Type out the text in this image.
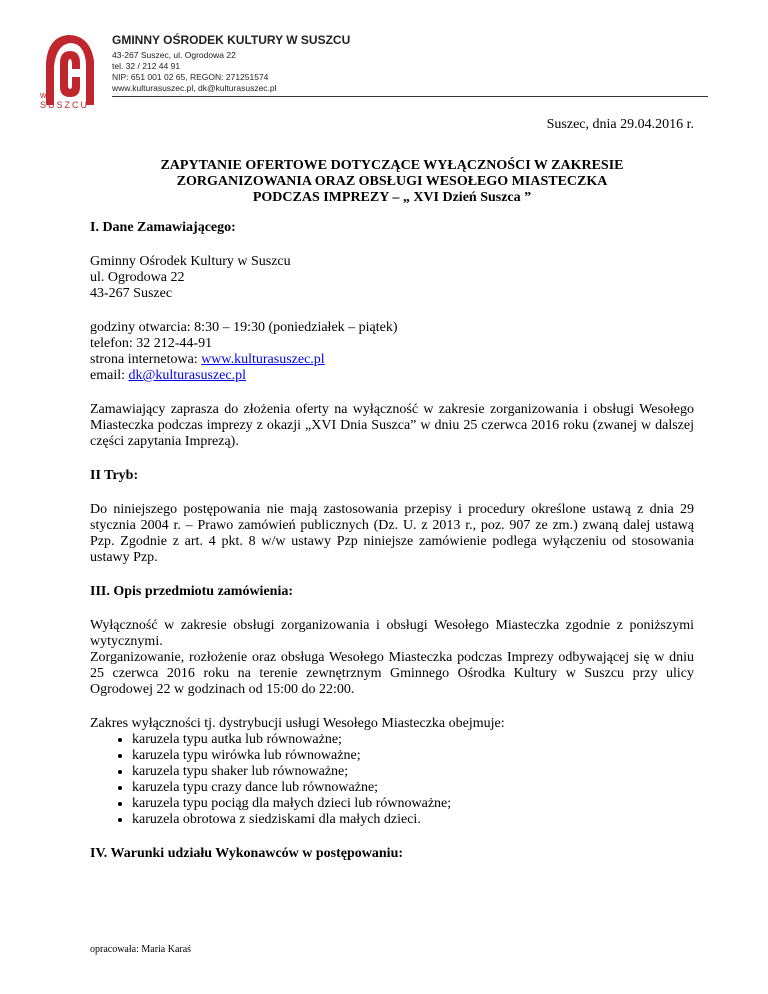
w SUSZCU
GMINNY OŚRODEK KULTURY W SUSZCU
43-267 Suszec, ul. Ogrodowa 22
tel. 32 / 212 44 91
NIP: 651 001 02 65, REGON: 271251574
www.kulturasuszec.pl, dk@kulturasuszec.pl
Suszec, dnia 29.04.2016 r.
ZAPYTANIE OFERTOWE DOTYCZĄCE WYŁĄCZNOŚCI W ZAKRESIE
ZORGANIZOWANIA ORAZ OBSŁUGI WESOŁEGO MIASTECZKA
PODCZAS IMPREZY – „ XVI Dzień Suszca ”
I. Dane Zamawiającego:

Gminny Ośrodek Kultury w Suszcu
ul. Ogrodowa 22
43-267 Suszec

godziny otwarcia: 8:30 – 19:30 (poniedziałek – piątek)
telefon: 32 212-44-91
strona internetowa: www.kulturasuszec.pl
email: dk@kulturasuszec.pl

Zamawiający zaprasza do złożenia oferty na wyłączność w zakresie zorganizowania i obsługi Wesołego Miasteczka podczas imprezy z okazji „XVI Dnia Suszca” w dniu 25 czerwca 2016 roku (zwanej w dalszej części zapytania Imprezą).

II Tryb:

Do niniejszego postępowania nie mają zastosowania przepisy i procedury określone ustawą z dnia 29 stycznia 2004 r. – Prawo zamówień publicznych (Dz. U. z 2013 r., poz. 907 ze zm.) zwaną dalej ustawą Pzp. Zgodnie z art. 4 pkt. 8 w/w ustawy Pzp niniejsze zamówienie podlega wyłączeniu od stosowania ustawy Pzp.

III. Opis przedmiotu zamówienia:

Wyłączność w zakresie obsługi zorganizowania i obsługi Wesołego Miasteczka zgodnie z poniższymi wytycznymi.
Zorganizowanie, rozłożenie oraz obsługa Wesołego Miasteczka podczas Imprezy odbywającej się w dniu 25 czerwca 2016 roku na terenie zewnętrznym Gminnego Ośrodka Kultury w Suszcu przy ulicy Ogrodowej 22 w godzinach od 15:00 do 22:00.

Zakres wyłączności tj. dystrybucji usługi Wesołego Miasteczka obejmuje:
• karuzela typu autka lub równoważne;
• karuzela typu wirówka lub równoważne;
• karuzela typu shaker lub równoważne;
• karuzela typu crazy dance lub równoważne;
• karuzela typu pociąg dla małych dzieci lub równoważne;
• karuzela obrotowa z siedziskami dla małych dzieci.
IV. Warunki udziału Wykonawców w postępowaniu:
opracowała: Maria Karaś
